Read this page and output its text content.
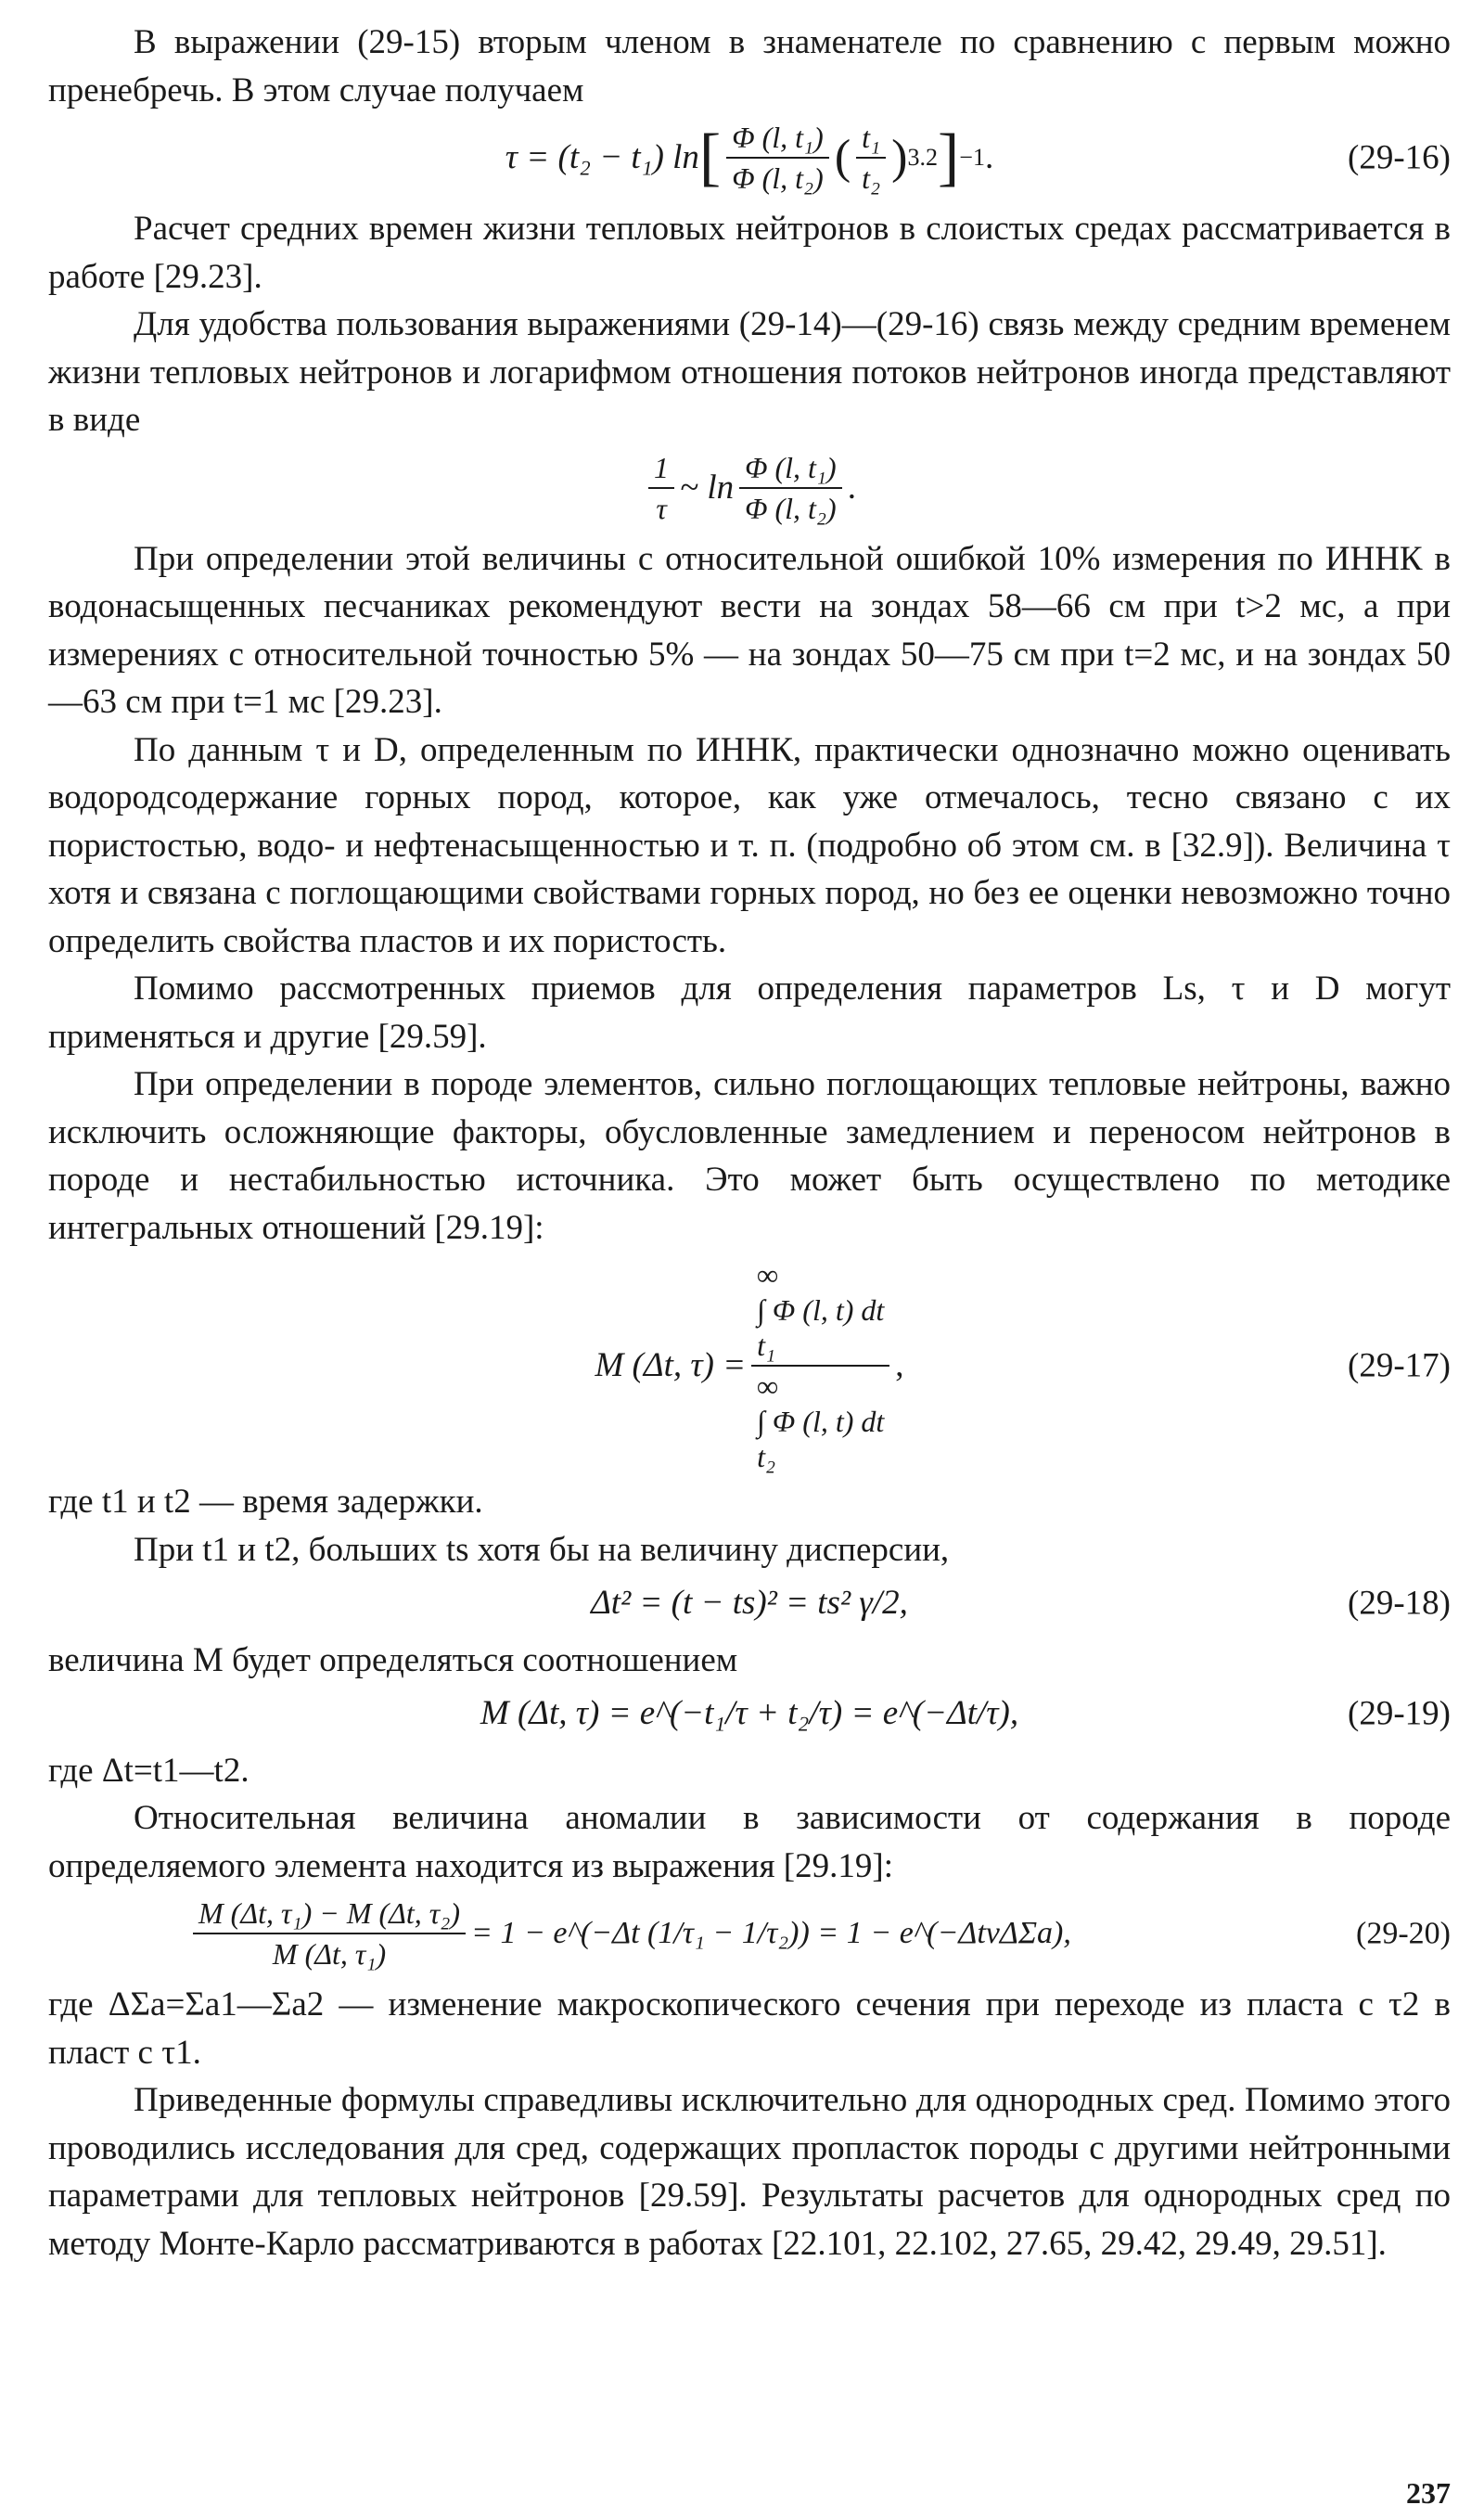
В выражении (29-15) вторым членом в знаменателе по сравнению с первым можно пренебречь. В этом случае получаем

τ = (t₂ − t₁) ln [ $\frac{\text{Φ (l, t₁)}}{\text{Φ (l, t₂)}}$ ( $\frac{\text{t₁}}{\text{t₂}}$ ) 3.2 ] −1 .	(29-16)

Расчет средних времен жизни тепловых нейтронов в слоистых средах рассматривается в работе [29.23].

Для удобства пользования выражениями (29-14)—(29-16) связь между средним временем жизни тепловых нейтронов и логарифмом отношения потоков нейтронов иногда представляют в виде

$\frac{1}{\tau}$ ~ $\ln \frac{\text{Φ (l, t₁)}}{\text{Φ (l, t₂)}}$ .

При определении этой величины с относительной ошибкой 10% измерения по ИННК в водонасыщенных песчаниках рекомендуют вести на зондах 58—66 см при t>2 мс, а при измерениях с относительной точностью 5% — на зондах 50—75 см при t=2 мс, и на зондах 50—63 см при t=1 мс [29.23].

По данным τ и D, определенным по ИННК, практически однозначно можно оценивать водородсодержание горных пород, которое, как уже отмечалось, тесно связано с их пористостью, водо- и нефтенасыщенностью и т. п. (подробно об этом см. в [32.9]). Величина τ хотя и связана с поглощающими свойствами горных пород, но без ее оценки невозможно точно определить свойства пластов и их пористость.

Помимо рассмотренных приемов для определения параметров Ls, τ и D могут применяться и другие [29.59].

При определении в породе элементов, сильно поглощающих тепловые нейтроны, важно исключить осложняющие факторы, обусловленные замедлением и переносом нейтронов в породе и нестабильностью источника. Это может быть осуществлено по методике интегральных отношений [29.19]:

M (Δt, τ) = ∞
∫ Φ (l, t) dt
t₁
∞
∫ Φ (l, t) dt
t₂ ,	(29-17)

где t1 и t2 — время задержки.

При t1 и t2, больших ts хотя бы на величину дисперсии,

Δt² = (t − ts)² = ts² γ/2,	(29-18)

величина M будет определяться соотношением

M (Δt, τ) = e^(−t₁/τ + t₂/τ) = e^(−Δt/τ),	(29-19)

где Δt=t1—t2.

Относительная величина аномалии в зависимости от содержания в породе определяемого элемента находится из выражения [29.19]:

$\frac{\text{M (Δt, τ₁) − M (Δt, τ₂)}}{\text{M (Δt, τ₁)}} = 1$ − e^(−Δt (1/τ₁ − 1/τ₂)) = 1 − e^(−ΔtvΔΣa),	(29-20)

где ΔΣa=Σa1—Σa2 — изменение макроскопического сечения при переходе из пласта с τ2 в пласт с τ1.

Приведенные формулы справедливы исключительно для однородных сред. Помимо этого проводились исследования для сред, содержащих пропласток породы с другими нейтронными параметрами для тепловых нейтронов [29.59]. Результаты расчетов для однородных сред по методу Монте-Карло рассматриваются в работах [22.101, 22.102, 27.65, 29.42, 29.49, 29.51].

237
